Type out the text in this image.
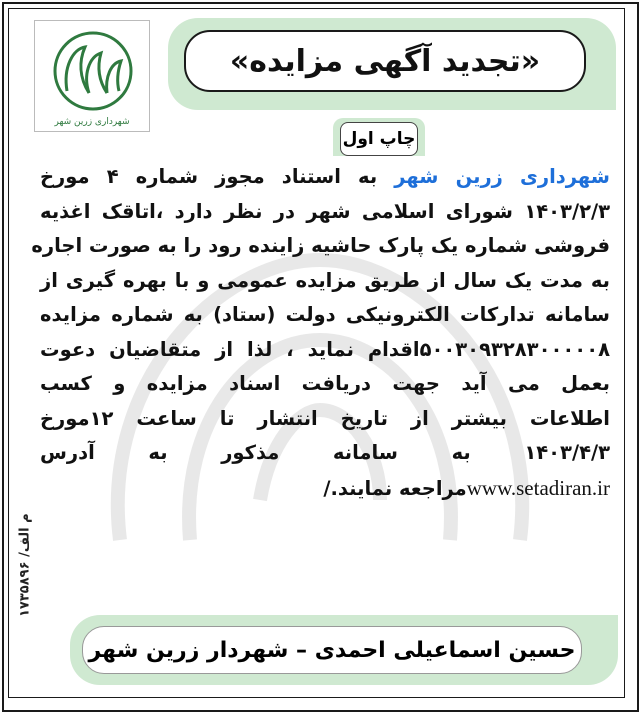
شهرداری زرین شهر
«تجدید آگهی مزایده»
چاپ اول
شهرداری زرین شهر به استناد مجوز شماره ۴ مورخ
۱۴۰۳/۲/۳ شورای اسلامی شهر در نظر دارد ،اتاقک اغذیه
فروشی شماره یک پارک حاشیه زاینده رود را به صورت اجاره
به مدت یک سال از طریق مزایده عمومی و با بهره گیری از
سامانه تدارکات الکترونیکی دولت (ستاد) به شماره مزایده
۵۰۰۳۰۹۳۲۸۳۰۰۰۰۰۸اقدام نماید ، لذا از متقاضیان دعوت
بعمل می آید جهت دریافت اسناد مزایده و کسب
اطلاعات بیشتر از تاریخ انتشار تا ساعت ۱۲مورخ
۱۴۰۳/۴/۳ به سامانه مذکور به آدرس
www.setadiran.irمراجعه نمایند./
م الف/ ۱۷۳۵۸۹۶
حسین اسماعیلی احمدی – شهردار زرین شهر
